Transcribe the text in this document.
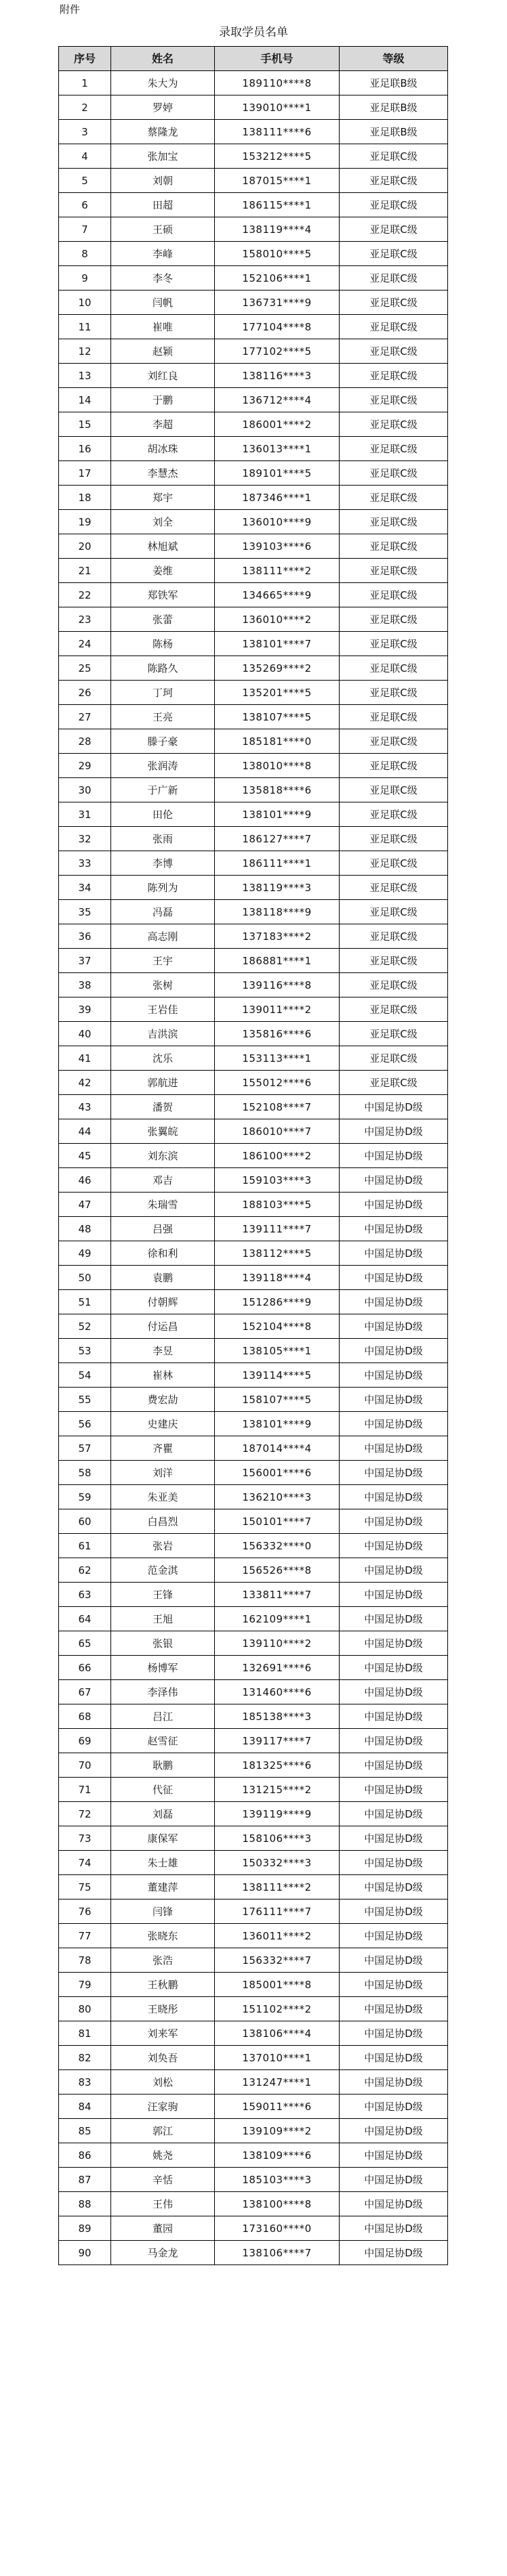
附件
录取学员名单
序号	姓名	手机号	等级
1	朱大为	189110****8	亚足联B级
2	罗婷	139010****1	亚足联B级
3	蔡隆龙	138111****6	亚足联B级
4	张加宝	153212****5	亚足联C级
5	刘朝	187015****1	亚足联C级
6	田超	186115****1	亚足联C级
7	王硕	138119****4	亚足联C级
8	李峰	158010****5	亚足联C级
9	李冬	152106****1	亚足联C级
10	闫帆	136731****9	亚足联C级
11	崔唯	177104****8	亚足联C级
12	赵颖	177102****5	亚足联C级
13	刘红良	138116****3	亚足联C级
14	于鹏	136712****4	亚足联C级
15	李超	186001****2	亚足联C级
16	胡冰珠	136013****1	亚足联C级
17	李慧杰	189101****5	亚足联C级
18	郑宇	187346****1	亚足联C级
19	刘全	136010****9	亚足联C级
20	林旭斌	139103****6	亚足联C级
21	姜维	138111****2	亚足联C级
22	郑铁军	134665****9	亚足联C级
23	张蕾	136010****2	亚足联C级
24	陈杨	138101****7	亚足联C级
25	陈路久	135269****2	亚足联C级
26	丁珂	135201****5	亚足联C级
27	王亮	138107****5	亚足联C级
28	滕子豪	185181****0	亚足联C级
29	张润涛	138010****8	亚足联C级
30	于广新	135818****6	亚足联C级
31	田伦	138101****9	亚足联C级
32	张雨	186127****7	亚足联C级
33	李博	186111****1	亚足联C级
34	陈列为	138119****3	亚足联C级
35	冯磊	138118****9	亚足联C级
36	高志刚	137183****2	亚足联C级
37	王宇	186881****1	亚足联C级
38	张树	139116****8	亚足联C级
39	王岩佳	139011****2	亚足联C级
40	吉洪滨	135816****6	亚足联C级
41	沈乐	153113****1	亚足联C级
42	郭航进	155012****6	亚足联C级
43	潘贺	152108****7	中国足协D级
44	张翼皖	186010****7	中国足协D级
45	刘东滨	186100****2	中国足协D级
46	邓吉	159103****3	中国足协D级
47	朱瑞雪	188103****5	中国足协D级
48	吕强	139111****7	中国足协D级
49	徐和利	138112****5	中国足协D级
50	袁鹏	139118****4	中国足协D级
51	付朝辉	151286****9	中国足协D级
52	付运昌	152104****8	中国足协D级
53	李昱	138105****1	中国足协D级
54	崔林	139114****5	中国足协D级
55	费宏劼	158107****5	中国足协D级
56	史建庆	138101****9	中国足协D级
57	齐瞿	187014****4	中国足协D级
58	刘洋	156001****6	中国足协D级
59	朱亚美	136210****3	中国足协D级
60	白昌烈	150101****7	中国足协D级
61	张岩	156332****0	中国足协D级
62	范金淇	156526****8	中国足协D级
63	王锋	133811****7	中国足协D级
64	王旭	162109****1	中国足协D级
65	张银	139110****2	中国足协D级
66	杨博军	132691****6	中国足协D级
67	李泽伟	131460****6	中国足协D级
68	吕江	185138****3	中国足协D级
69	赵雪征	139117****7	中国足协D级
70	耿鹏	181325****6	中国足协D级
71	代征	131215****2	中国足协D级
72	刘磊	139119****9	中国足协D级
73	康保军	158106****3	中国足协D级
74	朱士雄	150332****3	中国足协D级
75	董建萍	138111****2	中国足协D级
76	闫锋	176111****7	中国足协D级
77	张晓东	136011****2	中国足协D级
78	张浩	156332****7	中国足协D级
79	王秋鹏	185001****8	中国足协D级
80	王晓彤	151102****2	中国足协D级
81	刘来军	138106****4	中国足协D级
82	刘奂吾	137010****1	中国足协D级
83	刘松	131247****1	中国足协D级
84	汪家驹	159011****6	中国足协D级
85	郭江	139109****2	中国足协D级
86	姚尧	138109****6	中国足协D级
87	辛恬	185103****3	中国足协D级
88	王伟	138100****8	中国足协D级
89	董园	173160****0	中国足协D级
90	马金龙	138106****7	中国足协D级
